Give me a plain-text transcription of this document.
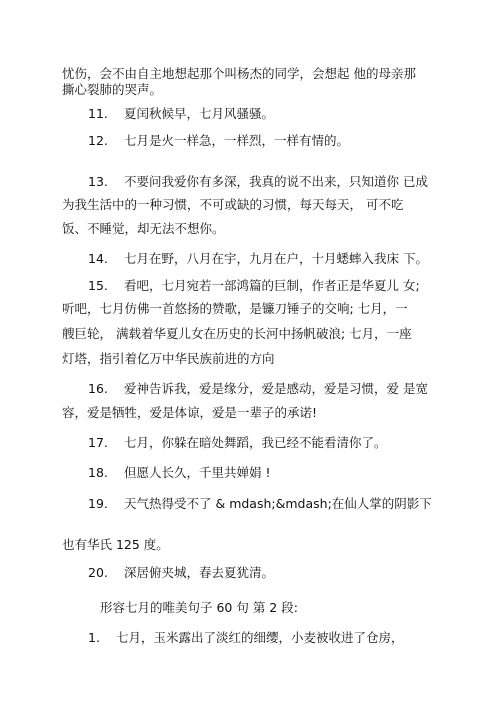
忧伤，会不由自主地想起那个叫杨杰的同学，会想起 他的母亲那
撕心裂肺的哭声。
11. 夏闰秋候早，七月风骚骚。
12. 七月是火一样急，一样烈，一样有情的。
13. 不要问我爱你有多深，我真的说不出来，只知道你 已成
为我生活中的一种习惯，不可或缺的习惯，每天每天， 可不吃
饭、不睡觉，却无法不想你。
14. 七月在野，八月在宇，九月在户，十月蟋蟀入我床 下。
15. 看吧，七月宛若一部鸿篇的巨制，作者正是华夏儿 女;
听吧，七月仿佛一首悠扬的赞歌，是镰刀锤子的交响; 七月，一
艘巨轮， 满载着华夏儿女在历史的长河中扬帆破浪; 七月，一座
灯塔，指引着亿万中华民族前进的方向
16. 爱神告诉我，爱是缘分，爱是感动，爱是习惯，爱 是宽
容，爱是牺牲，爱是体谅，爱是一辈子的承诺!
17. 七月，你躲在暗处舞蹈，我已经不能看清你了。
18. 但愿人长久，千里共婵娟 !
19. 天气热得受不了 & mdash;&mdash;在仙人掌的阴影下
也有华氏 125 度。
20. 深居俯夹城，春去夏犹清。
形容七月的唯美句子 60 句 第 2 段:
1. 七月，玉米露出了淡红的细缨，小麦被收进了仓房，
